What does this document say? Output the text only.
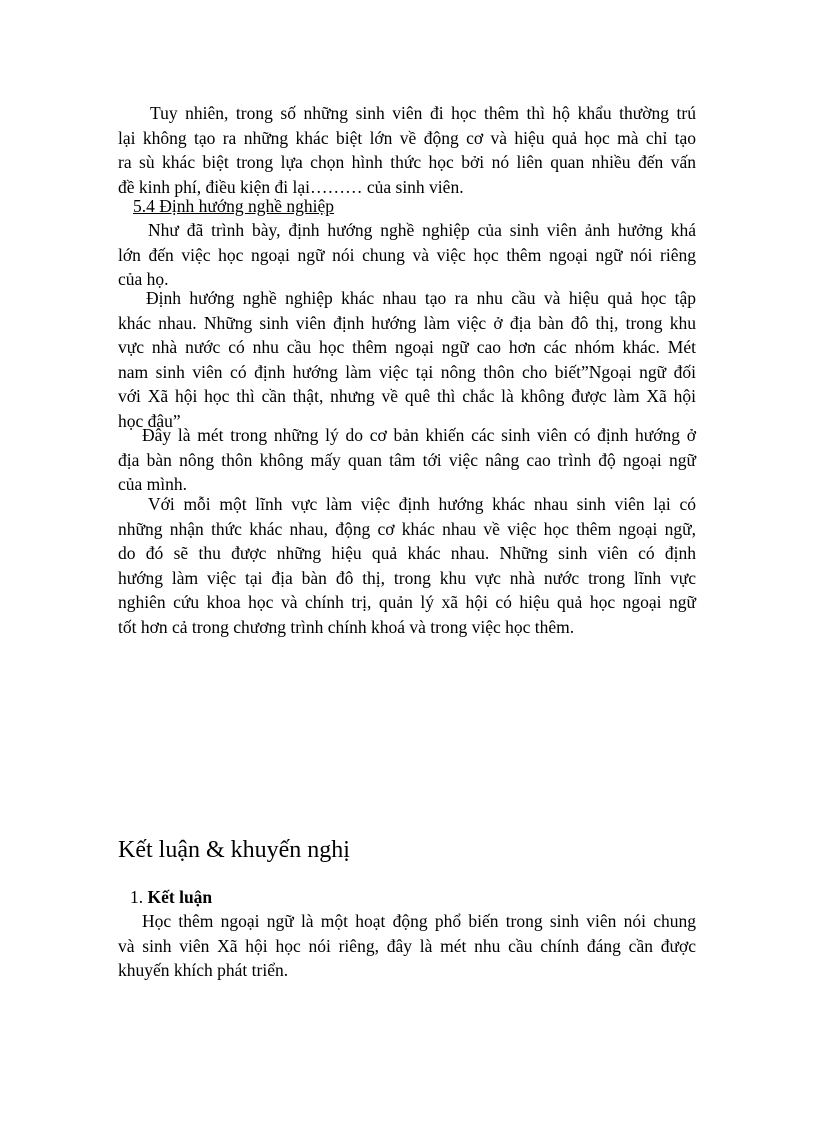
Tuy nhiên, trong số những sinh viên đi học thêm thì hộ khẩu thường trú
lại không tạo ra những khác biệt lớn về động cơ và hiệu quả học mà chỉ tạo
ra sù khác biệt trong lựa chọn hình thức học bởi nó liên quan nhiều đến vấn
đề kinh phí, điều kiện đi lại……… của sinh viên.

5.4 Định hướng nghề nghiệp

Như đã trình bày, định hướng nghề nghiệp của sinh viên ảnh hưởng khá
lớn đến việc học ngoại ngữ nói chung và việc học thêm ngoại ngữ nói riêng
của họ.

Định hướng nghề nghiệp khác nhau tạo ra nhu cầu và hiệu quả học tập
khác nhau. Những sinh viên định hướng làm việc ở địa bàn đô thị, trong khu
vực nhà nước có nhu cầu học thêm ngoại ngữ cao hơn các nhóm khác. Mét
nam sinh viên có định hướng làm việc tại nông thôn cho biết”Ngoại ngữ đối
với Xã hội học thì cần thật, nhưng về quê thì chắc là không được làm Xã hội
học đâu”

Đây là mét trong những lý do cơ bản khiến các sinh viên có định hướng ở
địa bàn nông thôn không mấy quan tâm tới việc nâng cao trình độ ngoại ngữ
của mình.

Với mỗi một lĩnh vực làm việc định hướng khác nhau sinh viên lại có
những nhận thức khác nhau, động cơ khác nhau về việc học thêm ngoại ngữ,
do đó sẽ thu được những hiệu quả khác nhau. Những sinh viên có định
hướng làm việc tại địa bàn đô thị, trong khu vực nhà nước trong lĩnh vực
nghiên cứu khoa học và chính trị, quản lý xã hội có hiệu quả học ngoại ngữ
tốt hơn cả trong chương trình chính khoá và trong việc học thêm.

Kết luận & khuyến nghị

1. Kết luận

Học thêm ngoại ngữ là một hoạt động phổ biến trong sinh viên nói chung
và sinh viên Xã hội học nói riêng, đây là mét nhu cầu chính đáng cần được
khuyến khích phát triển.
